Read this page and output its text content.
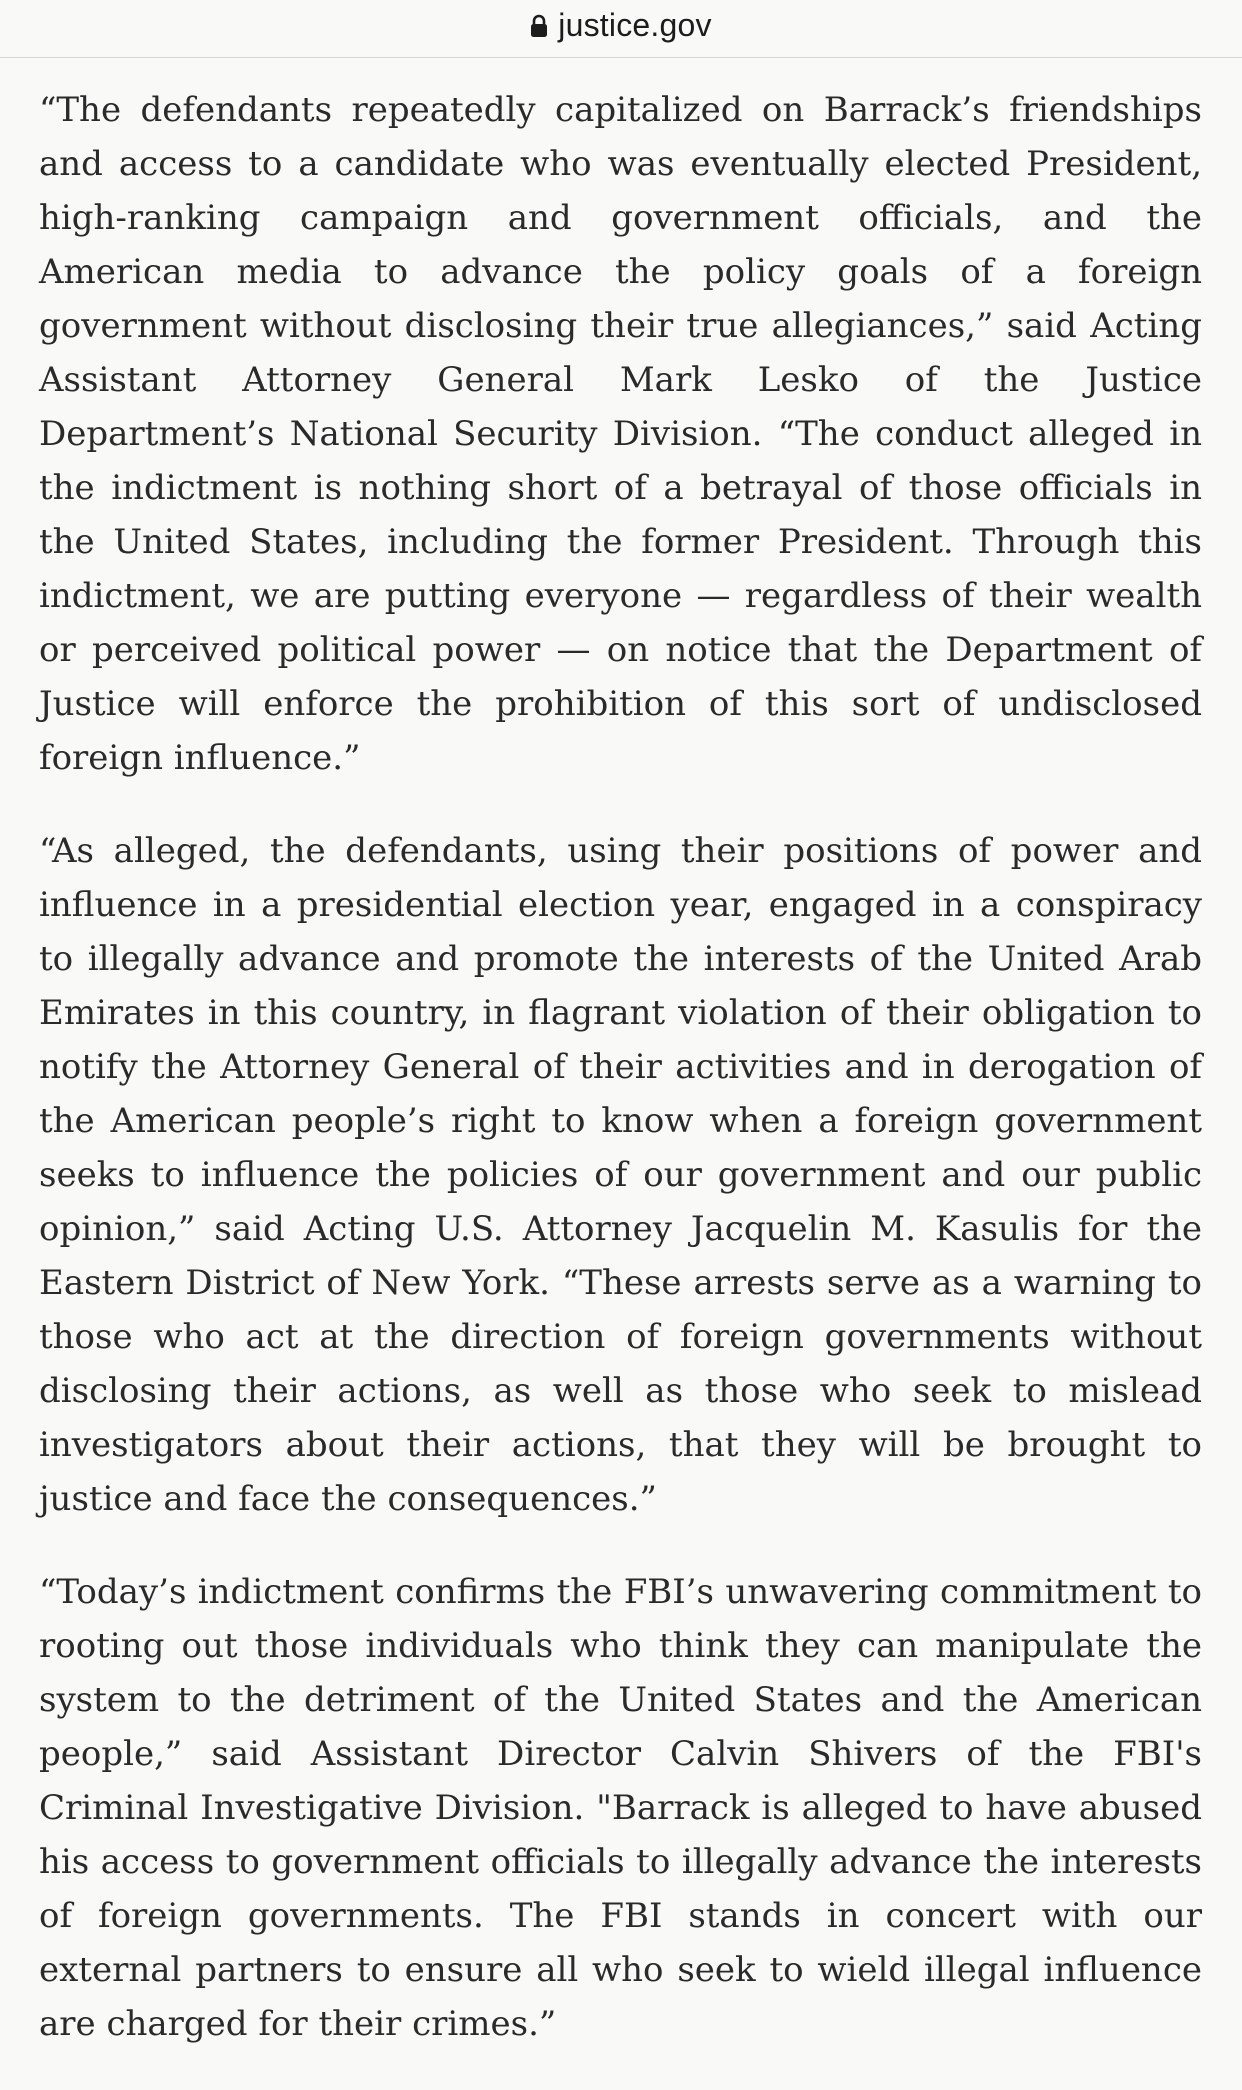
justice.gov

“The defendants repeatedly capitalized on Barrack’s friendships and access to a candidate who was eventually elected President, high-ranking campaign and government officials, and the American media to advance the policy goals of a foreign government without disclosing their true allegiances,” said Acting Assistant Attorney General Mark Lesko of the Justice Department’s National Security Division. “The conduct alleged in the indictment is nothing short of a betrayal of those officials in the United States, including the former President. Through this indictment, we are putting everyone — regardless of their wealth or perceived political power — on notice that the Department of Justice will enforce the prohibition of this sort of undisclosed foreign influence.”

“As alleged, the defendants, using their positions of power and influence in a presidential election year, engaged in a conspiracy to illegally advance and promote the interests of the United Arab Emirates in this country, in flagrant violation of their obligation to notify the Attorney General of their activities and in derogation of the American people’s right to know when a foreign government seeks to influence the policies of our government and our public opinion,” said Acting U.S. Attorney Jacquelin M. Kasulis for the Eastern District of New York. “These arrests serve as a warning to those who act at the direction of foreign governments without disclosing their actions, as well as those who seek to mislead investigators about their actions, that they will be brought to justice and face the consequences.”

“Today’s indictment confirms the FBI’s unwavering commitment to rooting out those individuals who think they can manipulate the system to the detriment of the United States and the American people,” said Assistant Director Calvin Shivers of the FBI's Criminal Investigative Division. "Barrack is alleged to have abused his access to government officials to illegally advance the interests of foreign governments. The FBI stands in concert with our external partners to ensure all who seek to wield illegal influence are charged for their crimes.”
